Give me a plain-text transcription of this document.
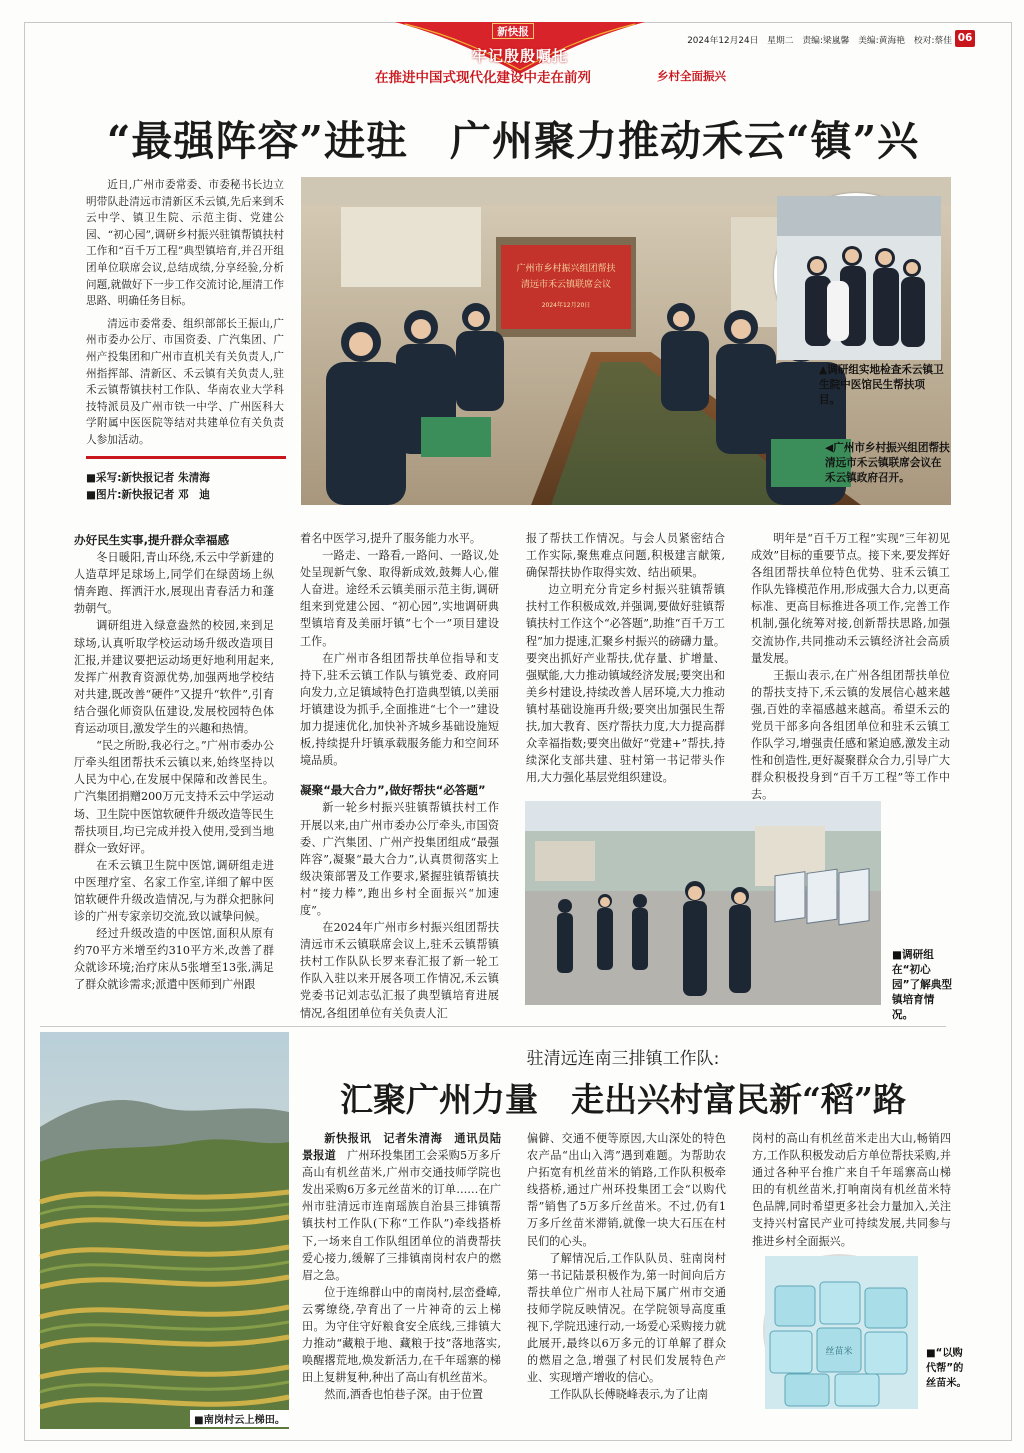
新快报
牢记殷殷嘱托
在推进中国式现代化建设中走在前列	乡村全面振兴
2024年12月24日　星期二　责编:梁嵐馨　美编:黄海艳　校对:蔡佳 06
“最强阵容”进驻　广州聚力推动禾云“镇”兴

近日,广州市委常委、市委秘书长边立明带队赴清远市清新区禾云镇,先后来到禾云中学、镇卫生院、示范主街、党建公园、“初心园”,调研乡村振兴驻镇帮镇扶村工作和“百千万工程”典型镇培育,并召开组团单位联席会议,总结成绩,分享经验,分析问题,就做好下一步工作交流讨论,厘清工作思路、明确任务目标。

清远市委常委、组织部部长王振山,广州市委办公厅、市国资委、广汽集团、广州产投集团和广州市直机关有关负责人,广州指挥部、清新区、禾云镇有关负责人,驻禾云镇帮镇扶村工作队、华南农业大学科技特派员及广州市铁一中学、广州医科大学附属中医医院等结对共建单位有关负责人参加活动。

■采写:新快报记者 朱清海
■图片:新快报记者 邓　迪
广州市乡村振兴组团帮扶
清远市禾云镇联席会议
2024年12月20日
▲调研组实地检查禾云镇卫生院中医馆民生帮扶项目。
◀广州市乡村振兴组团帮扶清远市禾云镇联席会议在禾云镇政府召开。
办好民生实事,提升群众幸福感

冬日暖阳,青山环绕,禾云中学新建的人造草坪足球场上,同学们在绿茵场上纵情奔跑、挥洒汗水,展现出青春活力和蓬勃朝气。

调研组进入绿意盎然的校园,来到足球场,认真听取学校运动场升级改造项目汇报,并建议要把运动场更好地利用起来,发挥广州教育资源优势,加强两地学校结对共建,既改善“硬件”又提升“软件”,引育结合强化师资队伍建设,发展校园特色体育运动项目,激发学生的兴趣和热情。

“民之所盼,我必行之。”广州市委办公厅牵头组团帮扶禾云镇以来,始终坚持以人民为中心,在发展中保障和改善民生。广汽集团捐赠200万元支持禾云中学运动场、卫生院中医馆软硬件升级改造等民生帮扶项目,均已完成并投入使用,受到当地群众一致好评。

在禾云镇卫生院中医馆,调研组走进中医理疗室、名家工作室,详细了解中医馆软硬件升级改造情况,与为群众把脉问诊的广州专家亲切交流,致以诚挚问候。

经过升级改造的中医馆,面积从原有约70平方米增至约310平方米,改善了群众就诊环境;治疗床从5张增至13张,满足了群众就诊需求;派遣中医师到广州跟

着名中医学习,提升了服务能力水平。

一路走、一路看,一路问、一路议,处处呈现新气象、取得新成效,鼓舞人心,催人奋进。途经禾云镇美丽示范主街,调研组来到党建公园、“初心园”,实地调研典型镇培育及美丽圩镇“七个一”项目建设工作。

在广州市各组团帮扶单位指导和支持下,驻禾云镇工作队与镇党委、政府同向发力,立足镇域特色打造典型镇,以美丽圩镇建设为抓手,全面推进“七个一”建设加力提速优化,加快补齐城乡基础设施短板,持续提升圩镇承载服务能力和空间环境品质。

凝聚“最大合力”,做好帮扶“必答题”

新一轮乡村振兴驻镇帮镇扶村工作开展以来,由广州市委办公厅牵头,市国资委、广汽集团、广州产投集团组成“最强阵容”,凝聚“最大合力”,认真贯彻落实上级决策部署及工作要求,紧握驻镇帮镇扶村“接力棒”,跑出乡村全面振兴“加速度”。

在2024年广州市乡村振兴组团帮扶清远市禾云镇联席会议上,驻禾云镇帮镇扶村工作队队长罗来春汇报了新一轮工作队入驻以来开展各项工作情况,禾云镇党委书记刘志弘汇报了典型镇培育进展情况,各组团单位有关负责人汇

报了帮扶工作情况。与会人员紧密结合工作实际,聚焦难点问题,积极建言献策,确保帮扶协作取得实效、结出硕果。

边立明充分肯定乡村振兴驻镇帮镇扶村工作积极成效,并强调,要做好驻镇帮镇扶村工作这个“必答题”,助推“百千万工程”加力提速,汇聚乡村振兴的磅礴力量。要突出抓好产业帮扶,优存量、扩增量、强赋能,大力推动镇域经济发展;要突出和美乡村建设,持续改善人居环境,大力推动镇村基础设施再升级;要突出加强民生帮扶,加大教育、医疗帮扶力度,大力提高群众幸福指数;要突出做好“党建+”帮扶,持续深化支部共建、驻村第一书记带头作用,大力强化基层党组织建设。

明年是“百千万工程”实现“三年初见成效”目标的重要节点。接下来,要发挥好各组团帮扶单位特色优势、驻禾云镇工作队先锋模范作用,形成强大合力,以更高标准、更高目标推进各项工作,完善工作机制,强化统筹对接,创新帮扶思路,加强交流协作,共同推动禾云镇经济社会高质量发展。

王振山表示,在广州各组团帮扶单位的帮扶支持下,禾云镇的发展信心越来越强,百姓的幸福感越来越高。希望禾云的党员干部多向各组团单位和驻禾云镇工作队学习,增强责任感和紧迫感,激发主动性和创造性,更好凝聚群众合力,引导广大群众积极投身到“百千万工程”等工作中去。

■调研组在“初心园”了解典型镇培育情况。
■南岗村云上梯田。
驻清远连南三排镇工作队:
汇聚广州力量　走出兴村富民新“稻”路

新快报讯　记者朱清海　通讯员陆景报道  广州环投集团工会采购5万多斤高山有机丝苗米,广州市交通技师学院也发出采购6万多元丝苗米的订单……在广州市驻清远市连南瑶族自治县三排镇帮镇扶村工作队(下称“工作队”)牵线搭桥下,一场来自工作队组团单位的消费帮扶爱心接力,缓解了三排镇南岗村农户的燃眉之急。

位于连绵群山中的南岗村,层峦叠嶂,云雾缭绕,孕育出了一片神奇的云上梯田。为守住守好粮食安全底线,三排镇大力推动“藏粮于地、藏粮于技”落地落实,唤醒撂荒地,焕发新活力,在千年瑶寨的梯田上复耕复种,种出了高山有机丝苗米。

然而,酒香也怕巷子深。由于位置

偏僻、交通不便等原因,大山深处的特色农产品“出山入湾”遇到难题。为帮助农户拓宽有机丝苗米的销路,工作队积极牵线搭桥,通过广州环投集团工会“以购代帮”销售了5万多斤丝苗米。不过,仍有1万多斤丝苗米滞销,就像一块大石压在村民们的心头。

了解情况后,工作队队员、驻南岗村第一书记陆景积极作为,第一时间向后方帮扶单位广州市人社局下属广州市交通技师学院反映情况。在学院领导高度重视下,学院迅速行动,一场爱心采购接力就此展开,最终以6万多元的订单解了群众的燃眉之急,增强了村民们发展特色产业、实现增产增收的信心。

工作队队长傅晓峰表示,为了让南

岗村的高山有机丝苗米走出大山,畅销四方,工作队积极发动后方单位帮扶采购,并通过各种平台推广来自千年瑶寨高山梯田的有机丝苗米,打响南岗有机丝苗米特色品牌,同时希望更多社会力量加入,关注支持兴村富民产业可持续发展,共同参与推进乡村全面振兴。

丝苗米	■“以购代帮”的丝苗米。
